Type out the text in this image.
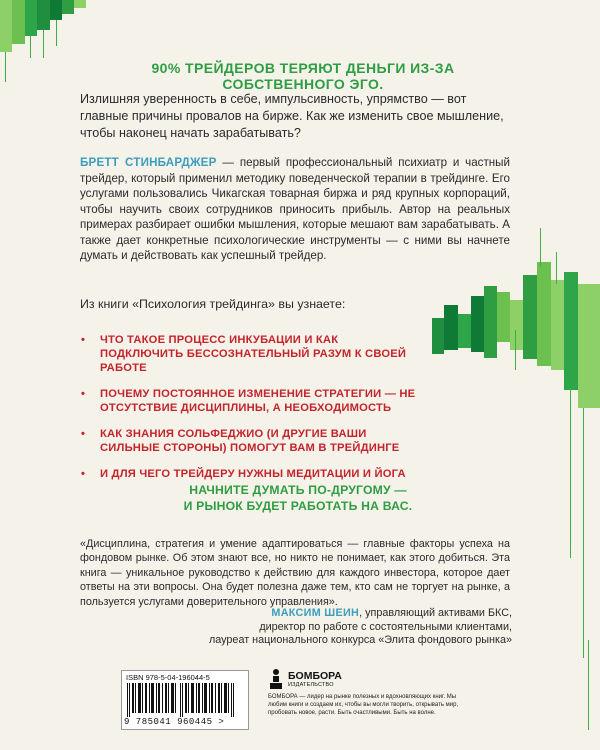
90% ТРЕЙДЕРОВ ТЕРЯЮТ ДЕНЬГИ ИЗ-ЗА СОБСТВЕННОГО ЭГО.

Излишняя уверенность в себе, импульсивность, упрямство — вот главные причины провалов на бирже. Как же изменить свое мышление, чтобы наконец начать зарабатывать?

БРЕТТ СТИНБАРДЖЕР — первый профессиональный психиатр и частный трейдер, который применил методику поведенческой терапии в трейдинге. Его услугами пользовались Чикагская товарная биржа и ряд крупных корпораций, чтобы научить своих сотрудников приносить прибыль. Автор на реальных примерах разбирает ошибки мышления, которые мешают вам зарабатывать. А также дает конкретные психологические инструменты — с ними вы начнете думать и действовать как успешный трейдер.

Из книги «Психология трейдинга» вы узнаете:
• ЧТО ТАКОЕ ПРОЦЕСС ИНКУБАЦИИ И КАК ПОДКЛЮЧИТЬ БЕССОЗНАТЕЛЬНЫЙ РАЗУМ К СВОЕЙ РАБОТЕ
• ПОЧЕМУ ПОСТОЯННОЕ ИЗМЕНЕНИЕ СТРАТЕГИИ — НЕ ОТСУТСТВИЕ ДИСЦИПЛИНЫ, А НЕОБХОДИМОСТЬ
• КАК ЗНАНИЯ СОЛЬФЕДЖИО (И ДРУГИЕ ВАШИ СИЛЬНЫЕ СТОРОНЫ) ПОМОГУТ ВАМ В ТРЕЙДИНГЕ
• И ДЛЯ ЧЕГО ТРЕЙДЕРУ НУЖНЫ МЕДИТАЦИИ И ЙОГА
НАЧНИТЕ ДУМАТЬ ПО-ДРУГОМУ —
И РЫНОК БУДЕТ РАБОТАТЬ НА ВАС.

«Дисциплина, стратегия и умение адаптироваться — главные факторы успеха на фондовом рынке. Об этом знают все, но никто не понимает, как этого добиться. Эта книга — уникальное руководство к действию для каждого инвестора, которое дает ответы на эти вопросы. Она будет полезна даже тем, кто сам не торгует на рынке, а пользуется услугами доверительного управления».

МАКСИМ ШЕИН, управляющий активами БКС,
директор по работе с состоятельными клиентами,
лауреат национального конкурса «Элита фондового рынка»
ISBN 978-5-04-196044-5
9 785041 960445 >
БОМБОРА
ИЗДАТЕЛЬСТВО
БОМБОРА — лидер на рынке полезных и вдохновляющих книг. Мы любим книги и создаем их, чтобы вы могли творить, открывать мир, пробовать новое, расти. Быть счастливыми. Быть на волне.
